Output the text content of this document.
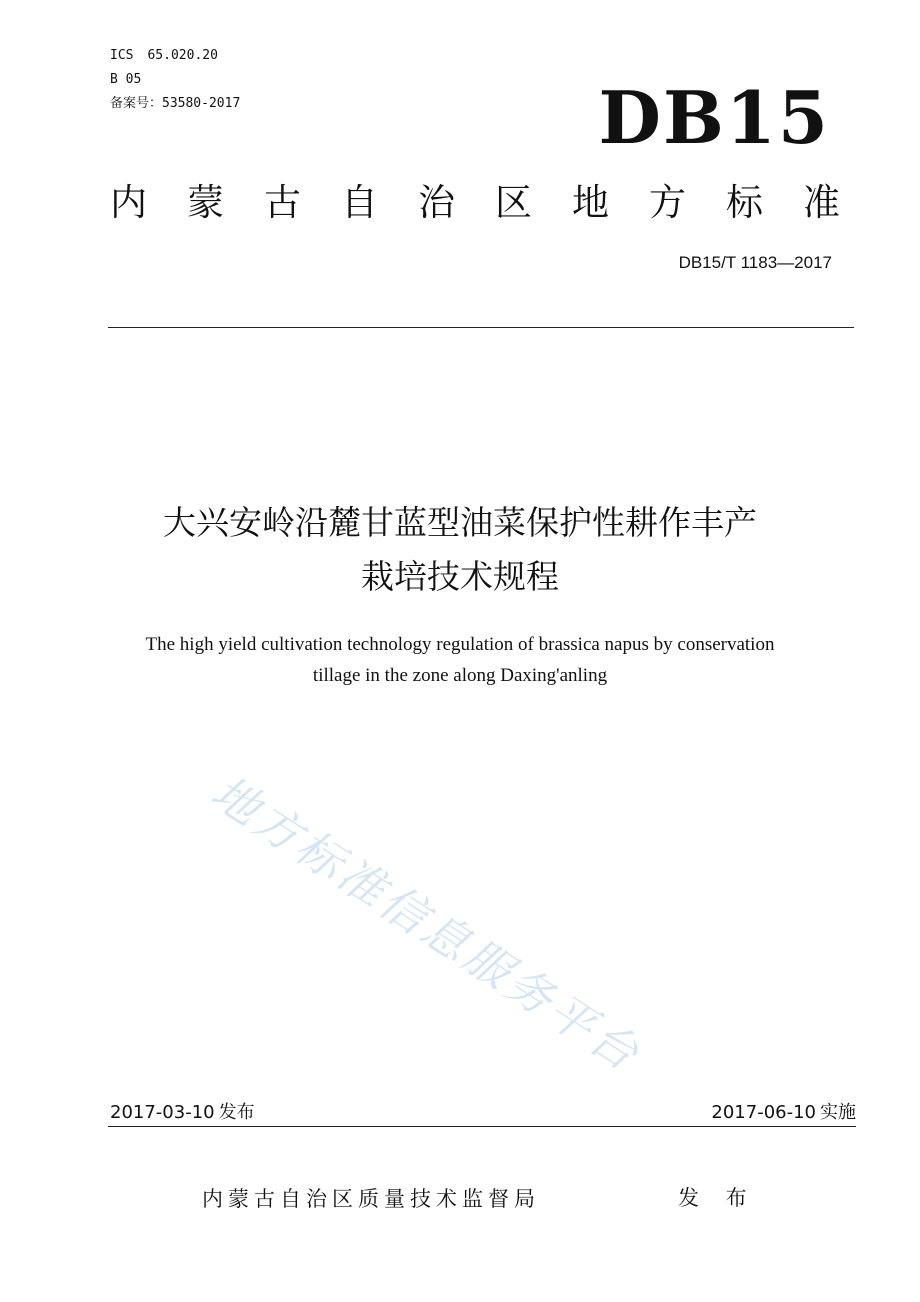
ICS 65.020.20
B 05
备案号：53580-2017	DB15
内 蒙 古 自 治 区 地 方 标 准
DB15/T 1183—2017
大兴安岭沿麓甘蓝型油菜保护性耕作丰产
栽培技术规程
The high yield cultivation technology regulation of brassica napus by conservation
tillage in the zone along Daxing'anling
地方标准信息服务平台
2017-03-10 发布	2017-06-10 实施
内蒙古自治区质量技术监督局	发 布
